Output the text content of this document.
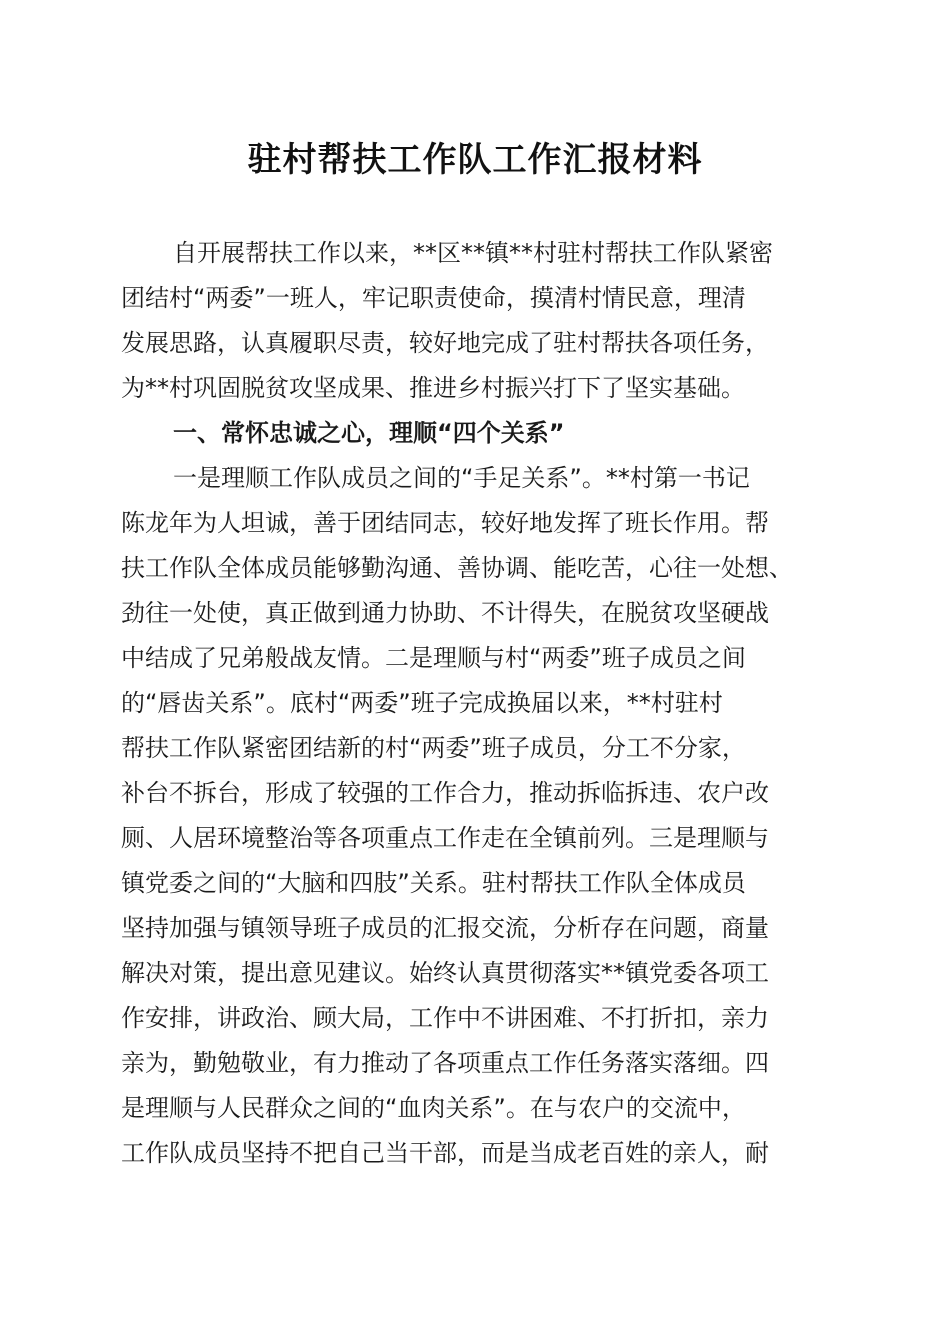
驻村帮扶工作队工作汇报材料
自开展帮扶工作以来，**区**镇**村驻村帮扶工作队紧密
团结村“两委”一班人，牢记职责使命，摸清村情民意，理清
发展思路，认真履职尽责，较好地完成了驻村帮扶各项任务，
为**村巩固脱贫攻坚成果、推进乡村振兴打下了坚实基础。
一、常怀忠诚之心，理顺“四个关系”
一是理顺工作队成员之间的“手足关系”。**村第一书记
陈龙年为人坦诚，善于团结同志，较好地发挥了班长作用。帮
扶工作队全体成员能够勤沟通、善协调、能吃苦，心往一处想、
劲往一处使，真正做到通力协助、不计得失，在脱贫攻坚硬战
中结成了兄弟般战友情。二是理顺与村“两委”班子成员之间
的“唇齿关系”。底村“两委”班子完成换届以来，**村驻村
帮扶工作队紧密团结新的村“两委”班子成员，分工不分家，
补台不拆台，形成了较强的工作合力，推动拆临拆违、农户改
厕、人居环境整治等各项重点工作走在全镇前列。三是理顺与
镇党委之间的“大脑和四肢”关系。驻村帮扶工作队全体成员
坚持加强与镇领导班子成员的汇报交流，分析存在问题，商量
解决对策，提出意见建议。始终认真贯彻落实**镇党委各项工
作安排，讲政治、顾大局，工作中不讲困难、不打折扣，亲力
亲为，勤勉敬业，有力推动了各项重点工作任务落实落细。四
是理顺与人民群众之间的“血肉关系”。在与农户的交流中，
工作队成员坚持不把自己当干部，而是当成老百姓的亲人，耐
